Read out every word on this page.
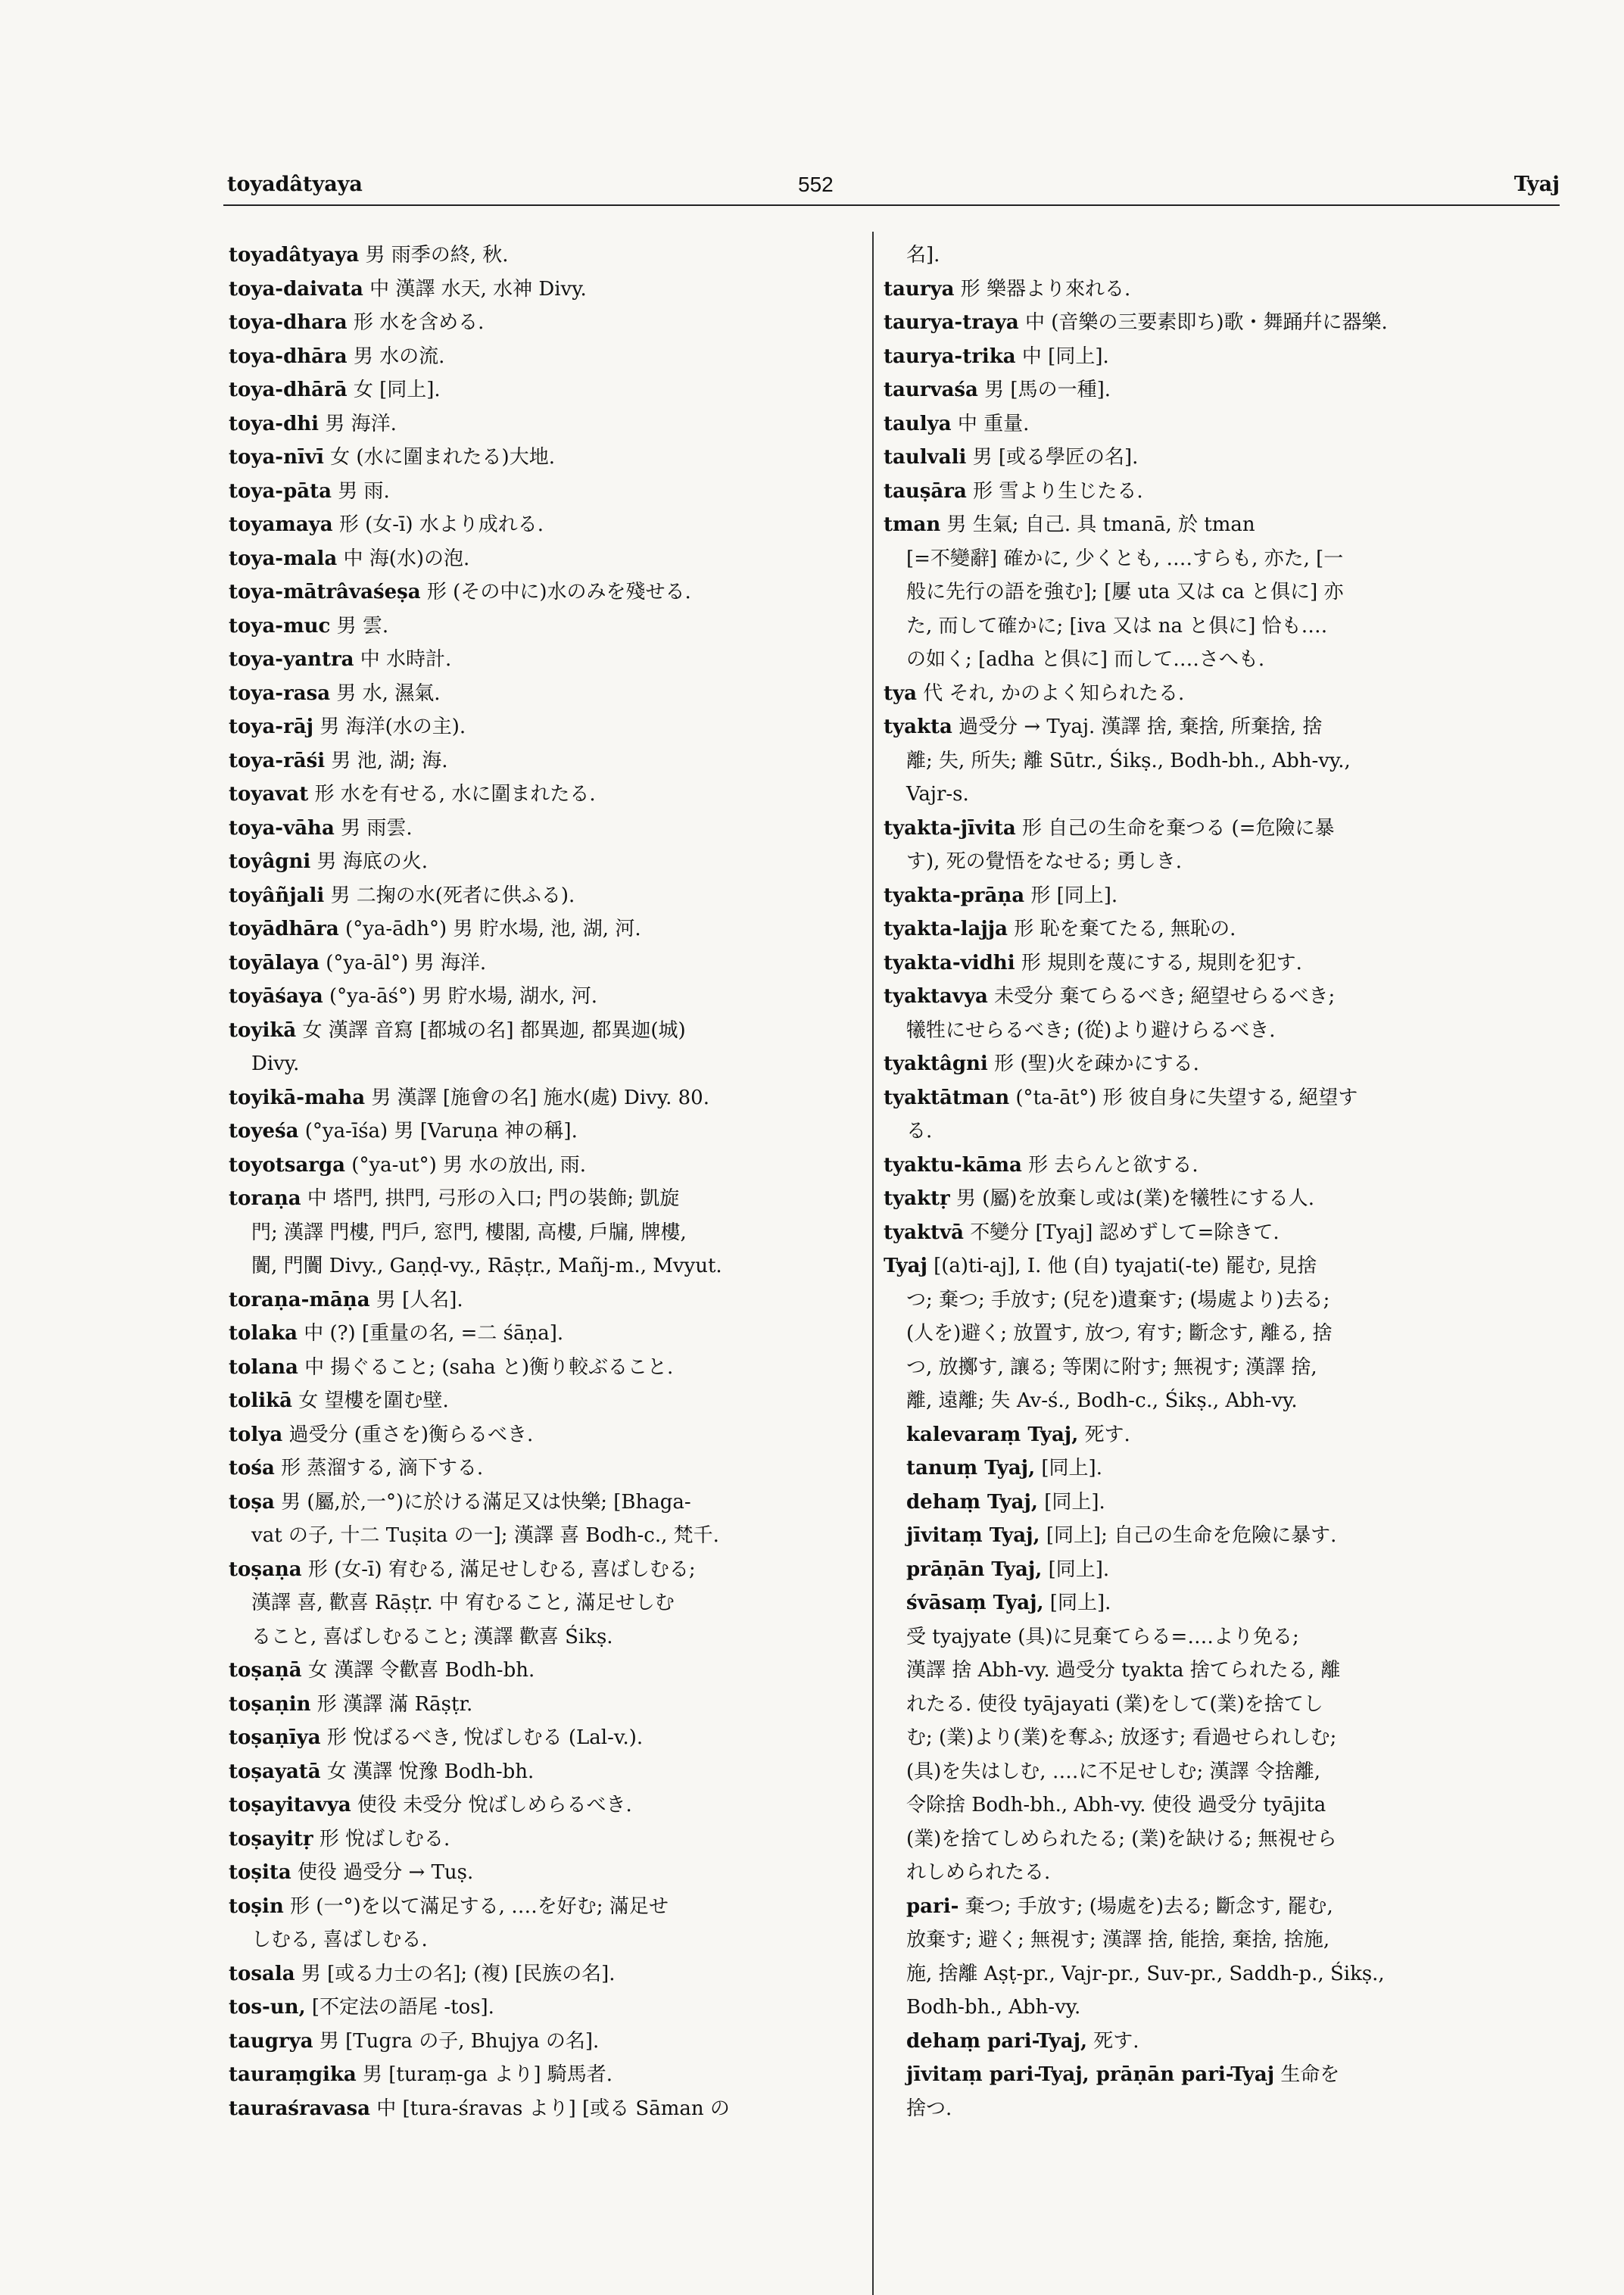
toyadâtyaya	552	Tyaj
toyadâtyaya 男 雨季の終, 秋.
toya-daivata 中 漢譯 水天, 水神 Divy.
toya-dhara 形 水を含める.
toya-dhāra 男 水の流.
toya-dhārā 女 [同上].
toya-dhi 男 海洋.
toya-nīvī 女 (水に圍まれたる)大地.
toya-pāta 男 雨.
toyamaya 形 (女-ī) 水より成れる.
toya-mala 中 海(水)の泡.
toya-mātrâvaśeṣa 形 (その中に)水のみを殘せる.
toya-muc 男 雲.
toya-yantra 中 水時計.
toya-rasa 男 水, 濕氣.
toya-rāj 男 海洋(水の主).
toya-rāśi 男 池, 湖; 海.
toyavat 形 水を有せる, 水に圍まれたる.
toya-vāha 男 雨雲.
toyâgni 男 海底の火.
toyâñjali 男 二掬の水(死者に供ふる).
toyādhāra (°ya-ādh°) 男 貯水場, 池, 湖, 河.
toyālaya (°ya-āl°) 男 海洋.
toyāśaya (°ya-āś°) 男 貯水場, 湖水, 河.
toyikā 女 漢譯 音寫 [都城の名] 都異迦, 都異迦(城)
Divy.
toyikā-maha 男 漢譯 [施會の名] 施水(處) Divy. 80.
toyeśa (°ya-īśa) 男 [Varuṇa 神の稱].
toyotsarga (°ya-ut°) 男 水の放出, 雨.
toraṇa 中 塔門, 拱門, 弓形の入口; 門の裝飾; 凱旋
門; 漢譯 門樓, 門戶, 窓門, 樓閣, 高樓, 戶牖, 牌樓,
闠, 門闠 Divy., Gaṇḍ-vy., Rāṣṭr., Mañj-m., Mvyut.
toraṇa-māṇa 男 [人名].
tolaka 中 (?) [重量の名, =二 śāṇa].
tolana 中 揚ぐること; (saha と)衡り較ぶること.
tolikā 女 望樓を圍む壁.
tolya 過受分 (重さを)衡らるべき.
tośa 形 蒸溜する, 滴下する.
toṣa 男 (屬,於,一°)に於ける滿足又は快樂; [Bhaga-
vat の子, 十二 Tuṣita の一]; 漢譯 喜 Bodh-c., 梵千.
toṣaṇa 形 (女-ī) 宥むる, 滿足せしむる, 喜ばしむる;
漢譯 喜, 歡喜 Rāṣṭr. 中 宥むること, 滿足せしむ
ること, 喜ばしむること; 漢譯 歡喜 Śikṣ.
toṣaṇā 女 漢譯 令歡喜 Bodh-bh.
toṣaṇin 形 漢譯 滿 Rāṣṭr.
toṣaṇīya 形 悅ばるべき, 悅ばしむる (Lal-v.).
toṣayatā 女 漢譯 悅豫 Bodh-bh.
toṣayitavya 使役 未受分 悅ばしめらるべき.
toṣayitṛ 形 悅ばしむる.
toṣita 使役 過受分 → Tuṣ.
toṣin 形 (一°)を以て滿足する, ‥‥を好む; 滿足せ
しむる, 喜ばしむる.
tosala 男 [或る力士の名]; (複) [民族の名].
tos-un, [不定法の語尾 -tos].
taugrya 男 [Tugra の子, Bhujya の名].
tauraṃgika 男 [turaṃ-ga より] 騎馬者.
tauraśravasa 中 [tura-śravas より] [或る Sāman の
名].
taurya 形 樂器より來れる.
taurya-traya 中 (音樂の三要素即ち)歌・舞踊幷に器樂.
taurya-trika 中 [同上].
taurvaśa 男 [馬の一種].
taulya 中 重量.
taulvali 男 [或る學匠の名].
tauṣāra 形 雪より生じたる.
tman 男 生氣; 自己. 具 tmanā, 於 tman
[=不變辭] 確かに, 少くとも, ‥‥すらも, 亦た, [一
般に先行の語を強む]; [屢 uta 又は ca と俱に] 亦
た, 而して確かに; [iva 又は na と俱に] 恰も‥‥
の如く; [adha と俱に] 而して‥‥さへも.
tya 代 それ, かのよく知られたる.
tyakta 過受分 → Tyaj. 漢譯 捨, 棄捨, 所棄捨, 捨
離; 失, 所失; 離 Sūtr., Śikṣ., Bodh-bh., Abh-vy.,
Vajr-s.
tyakta-jīvita 形 自己の生命を棄つる (=危險に暴
す), 死の覺悟をなせる; 勇しき.
tyakta-prāṇa 形 [同上].
tyakta-lajja 形 恥を棄てたる, 無恥の.
tyakta-vidhi 形 規則を蔑にする, 規則を犯す.
tyaktavya 未受分 棄てらるべき; 絕望せらるべき;
犧牲にせらるべき; (從)より避けらるべき.
tyaktâgni 形 (聖)火を疎かにする.
tyaktātman (°ta-āt°) 形 彼自身に失望する, 絕望す
る.
tyaktu-kāma 形 去らんと欲する.
tyaktṛ 男 (屬)を放棄し或は(業)を犧牲にする人.
tyaktvā 不變分 [Tyaj] 認めずして=除きて.
Tyaj [(a)ti-aj], I. 他 (自) tyajati(-te) 罷む, 見捨
つ; 棄つ; 手放す; (兒を)遺棄す; (場處より)去る;
(人を)避く; 放置す, 放つ, 宥す; 斷念す, 離る, 捨
つ, 放擲す, 讓る; 等閑に附す; 無視す; 漢譯 捨,
離, 遠離; 失 Av-ś., Bodh-c., Śikṣ., Abh-vy.
kalevaraṃ Tyaj, 死す.
tanuṃ Tyaj, [同上].
dehaṃ Tyaj, [同上].
jīvitaṃ Tyaj, [同上]; 自己の生命を危險に暴す.
prāṇān Tyaj, [同上].
śvāsaṃ Tyaj, [同上].
受 tyajyate (具)に見棄てらる=‥‥より免る;
漢譯 捨 Abh-vy. 過受分 tyakta 捨てられたる, 離
れたる. 使役 tyājayati (業)をして(業)を捨てし
む; (業)より(業)を奪ふ; 放逐す; 看過せられしむ;
(具)を失はしむ, ‥‥に不足せしむ; 漢譯 令捨離,
令除捨 Bodh-bh., Abh-vy. 使役 過受分 tyājita
(業)を捨てしめられたる; (業)を缺ける; 無視せら
れしめられたる.
pari- 棄つ; 手放す; (場處を)去る; 斷念す, 罷む,
放棄す; 避く; 無視す; 漢譯 捨, 能捨, 棄捨, 捨施,
施, 捨離 Aṣṭ-pr., Vajr-pr., Suv-pr., Saddh-p., Śikṣ.,
Bodh-bh., Abh-vy.
dehaṃ pari-Tyaj, 死す.
jīvitaṃ pari-Tyaj, prāṇān pari-Tyaj 生命を
捨つ.
